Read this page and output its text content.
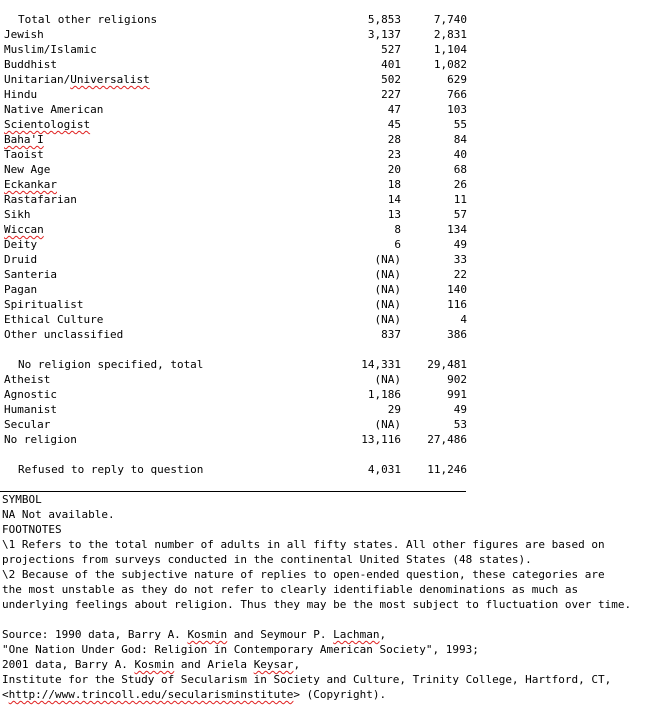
Total other religions	5,853	7,740
Jewish	3,137	2,831
Muslim/Islamic	527	1,104
Buddhist	401	1,082
Unitarian/Universalist	502	629
Hindu	227	766
Native American	47	103
Scientologist	45	55
Baha'I	28	84
Taoist	23	40
New Age	20	68
Eckankar	18	26
Rastafarian	14	11
Sikh	13	57
Wiccan	8	134
Deity	6	49
Druid	(NA)	33
Santeria	(NA)	22
Pagan	(NA)	140
Spiritualist	(NA)	116
Ethical Culture	(NA)	4
Other unclassified	837	386
No religion specified, total	14,331	29,481
Atheist	(NA)	902
Agnostic	1,186	991
Humanist	29	49
Secular	(NA)	53
No religion	13,116	27,486
Refused to reply to question	4,031	11,246
SYMBOL
NA Not available.
FOOTNOTES
\1 Refers to the total number of adults in all fifty states. All other figures are based on
projections from surveys conducted in the continental United States (48 states).
\2 Because of the subjective nature of replies to open-ended question, these categories are
the most unstable as they do not refer to clearly identifiable denominations as much as
underlying feelings about religion. Thus they may be the most subject to fluctuation over time.
Source: 1990 data, Barry A. Kosmin and Seymour P. Lachman,
"One Nation Under God: Religion in Contemporary American Society", 1993;
2001 data, Barry A. Kosmin and Ariela Keysar,
Institute for the Study of Secularism in Society and Culture, Trinity College, Hartford, CT,
<http://www.trincoll.edu/secularisminstitute> (Copyright).
